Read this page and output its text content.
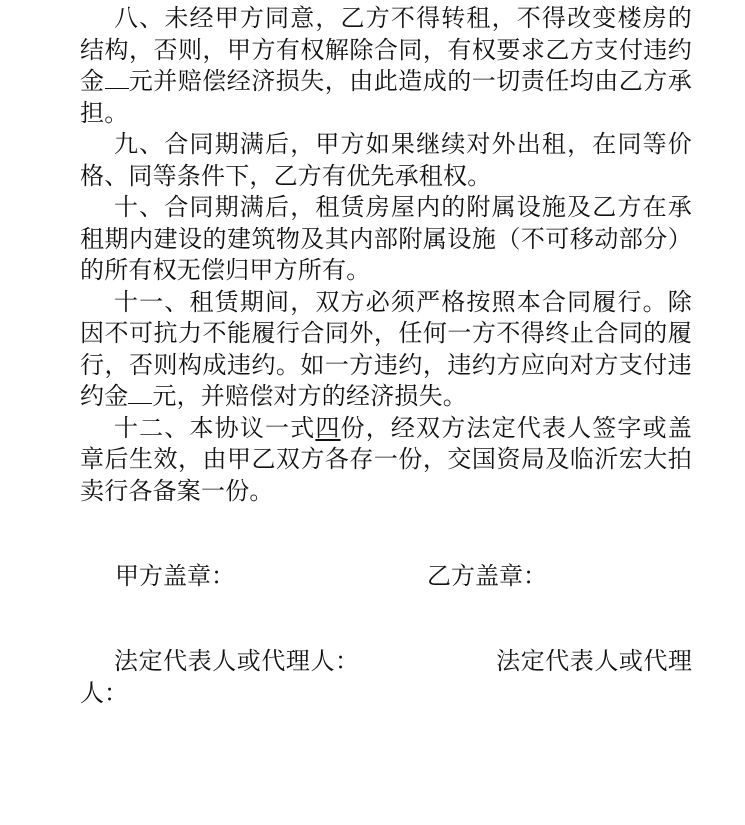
八、未经甲方同意，乙方不得转租，不得改变楼房的结构，否则，甲方有权解除合同，有权要求乙方支付违约金 元并赔偿经济损失，由此造成的一切责任均由乙方承担。

九、合同期满后，甲方如果继续对外出租，在同等价格、同等条件下，乙方有优先承租权。

十、合同期满后，租赁房屋内的附属设施及乙方在承租期内建设的建筑物及其内部附属设施（不可移动部分）的所有权无偿归甲方所有。

十一、租赁期间，双方必须严格按照本合同履行。除因不可抗力不能履行合同外，任何一方不得终止合同的履行，否则构成违约。如一方违约，违约方应向对方支付违约金 元，并赔偿对方的经济损失。

十二、本协议一式四份，经双方法定代表人签字或盖章后生效，由甲乙双方各存一份，交国资局及临沂宏大拍卖行各备案一份。

甲方盖章：	乙方盖章：

法定代表人或代理人：	法定代表人或代理人：
